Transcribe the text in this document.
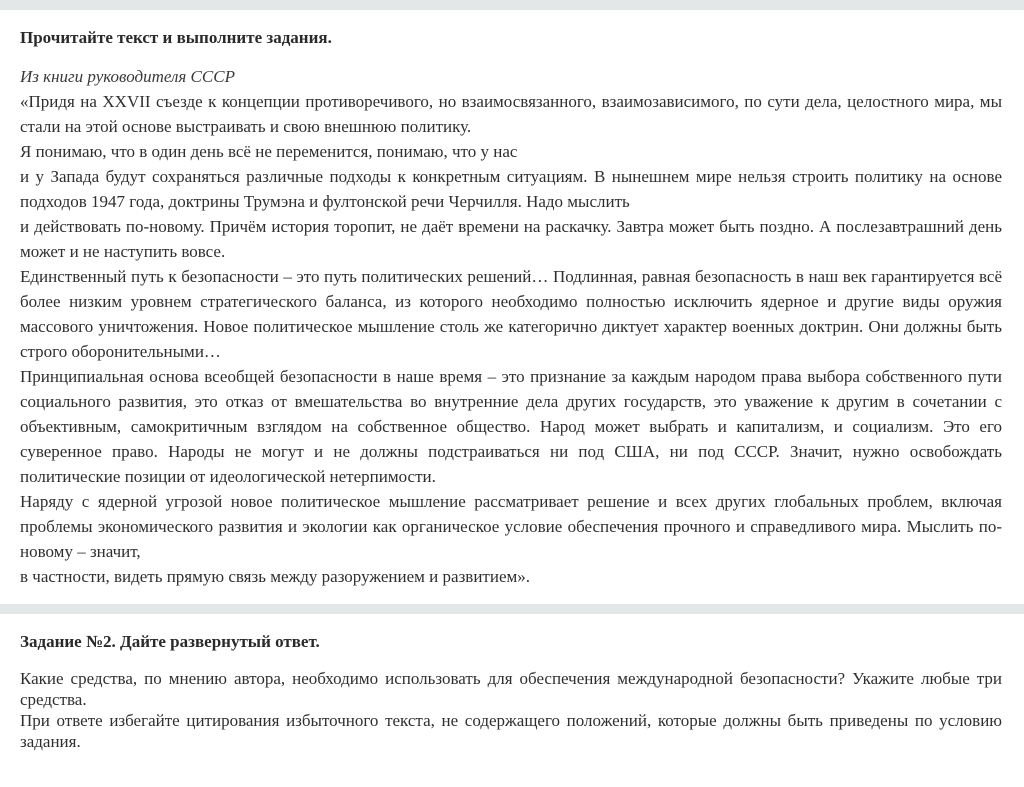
Прочитайте текст и выполните задания.
Из книги руководителя СССР

«Придя на XXVII съезде к концепции противоречивого, но взаимосвязанного, взаимозависимого, по сути дела, целостного мира, мы стали на этой основе выстраивать и свою внешнюю политику.

Я понимаю, что в один день всё не переменится, понимаю, что у нас

и у Запада будут сохраняться различные подходы к конкретным ситуациям. В нынешнем мире нельзя строить политику на основе подходов 1947 года, доктрины Трумэна и фултонской речи Черчилля. Надо мыслить

и действовать по-новому. Причём история торопит, не даёт времени на раскачку. Завтра может быть поздно. А послезавтрашний день может и не наступить вовсе.

Единственный путь к безопасности – это путь политических решений… Подлинная, равная безопасность в наш век гарантируется всё более низким уровнем стратегического баланса, из которого необходимо полностью исключить ядерное и другие виды оружия массового уничтожения. Новое политическое мышление столь же категорично диктует характер военных доктрин. Они должны быть строго оборонительными…

Принципиальная основа всеобщей безопасности в наше время – это признание за каждым народом права выбора собственного пути социального развития, это отказ от вмешательства во внутренние дела других государств, это уважение к другим в сочетании с объективным, самокритичным взглядом на собственное общество. Народ может выбрать и капитализм, и социализм. Это его суверенное право. Народы не могут и не должны подстраиваться ни под США, ни под СССР. Значит, нужно освобождать политические позиции от идеологической нетерпимости.

Наряду с ядерной угрозой новое политическое мышление рассматривает решение и всех других глобальных проблем, включая проблемы экономического развития и экологии как органическое условие обеспечения прочного и справедливого мира. Мыслить по-новому – значит,

в частности, видеть прямую связь между разоружением и развитием».

Задание №2. Дайте развернутый ответ.

Какие средства, по мнению автора, необходимо использовать для обеспечения международной безопасности? Укажите любые три средства.

При ответе избегайте цитирования избыточного текста, не содержащего положений, которые должны быть приведены по условию задания.
